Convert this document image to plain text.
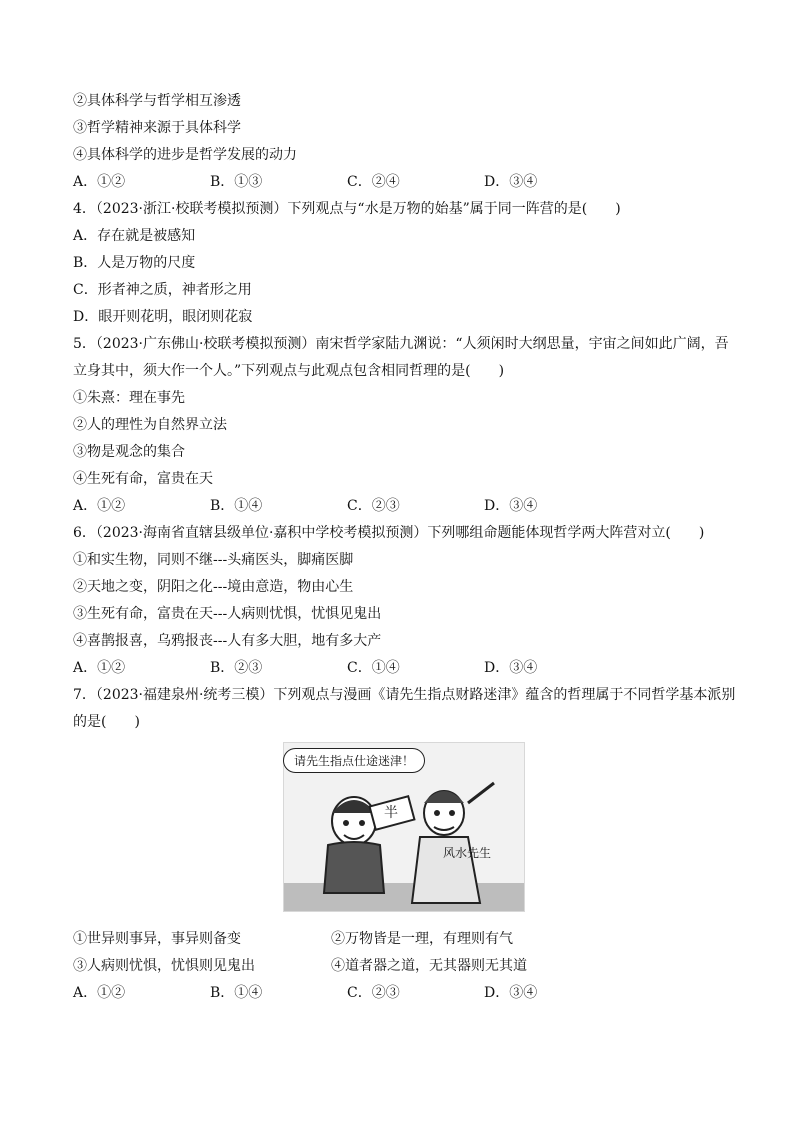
②具体科学与哲学相互渗透
③哲学精神来源于具体科学
④具体科学的进步是哲学发展的动力
A．①②	B．①③	C．②④	D．③④
4．（2023·浙江·校联考模拟预测）下列观点与“水是万物的始基”属于同一阵营的是(　　)
A．存在就是被感知
B．人是万物的尺度
C．形者神之质，神者形之用
D．眼开则花明，眼闭则花寂
5．（2023·广东佛山·校联考模拟预测）南宋哲学家陆九渊说：“人须闲时大纲思量，宇宙之间如此广阔，吾
立身其中，须大作一个人。”下列观点与此观点包含相同哲理的是(　　)
①朱熹：理在事先
②人的理性为自然界立法
③物是观念的集合
④生死有命，富贵在天
A．①②	B．①④	C．②③	D．③④
6．（2023·海南省直辖县级单位·嘉积中学校考模拟预测）下列哪组命题能体现哲学两大阵营对立(　　)
①和实生物，同则不继---头痛医头，脚痛医脚
②天地之变，阴阳之化---境由意造，物由心生
③生死有命，富贵在天---人病则忧惧，忧惧见鬼出
④喜鹊报喜，乌鸦报丧---人有多大胆，地有多大产
A．①②	B．②③	C．①④	D．③④
7．（2023·福建泉州·统考三模）下列观点与漫画《请先生指点财路迷津》蕴含的哲理属于不同哲学基本派别
的是(　　)
半
请先生指点仕途迷津！
风水先生
①世异则事异，事异则备变	②万物皆是一理，有理则有气
③人病则忧惧，忧惧则见鬼出	④道者器之道，无其器则无其道
A．①②	B．①④	C．②③	D．③④
